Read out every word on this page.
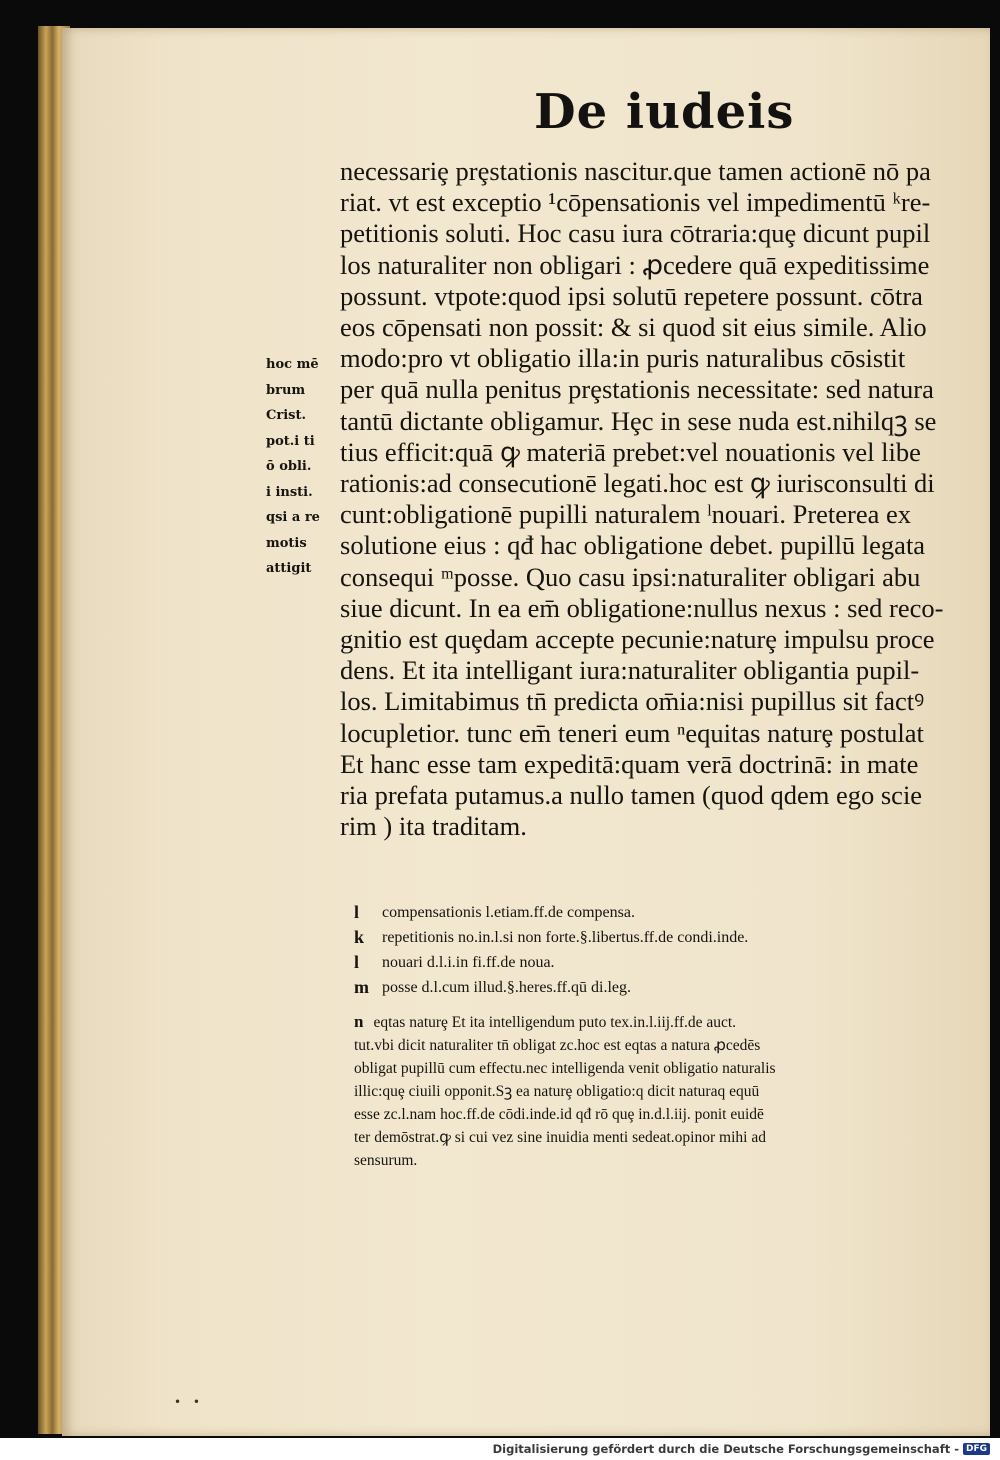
De iudeis
necessariȩ prȩstationis nascitur.que tamen actionē nō pa
riat. vt est exceptio ¹cōpensationis vel impedimentū ᵏre-
petitionis soluti. Hoc casu iura cōtraria:quȩ dicunt pupil
los naturaliter non obligari : ꝓcedere quā expeditissime
possunt. vtpote:quod ipsi solutū repetere possunt. cōtra
eos cōpensati non possit: & si quod sit eius simile. Alio
modo:pro vt obligatio illa:in puris naturalibus cōsistit
per quā nulla penitus prȩstationis necessitate: sed natura
tantū dictante obligamur. Hȩc in sese nuda est.nihilqꝫ se
tius efficit:quā ꝙ materiā prebet:vel nouationis vel libe
rationis:ad consecutionē legati.hoc est ꝙ iurisconsulti di
cunt:obligationē pupilli naturalem ˡnouari. Preterea ex
solutione eius : qđ hac obligatione debet. pupillū legata
consequi ᵐposse. Quo casu ipsi:naturaliter obligari abu
siue dicunt. In ea em̄ obligatione:nullus nexus : sed reco-
gnitio est quȩdam accepte pecunie:naturȩ impulsu proce
dens. Et ita intelligant iura:naturaliter obligantia pupil-
los. Limitabimus tn̄ predicta om̄ia:nisi pupillus sit factꝰ
locupletior. tunc em̄ teneri eum ⁿequitas naturȩ postulat
Et hanc esse tam expeditā:quam verā doctrinā: in mate
ria prefata putamus.a nullo tamen (quod qdem ego scie
rim ) ita traditam.
hoc mē
brum
Crist.
pot.i ti
ō obli.
i insti.
qsi a re
motis
attigit
l	compensationis l.etiam.ff.de compensa.
k	repetitionis no.in.l.si non forte.§.libertus.ff.de condi.inde.
l	nouari d.l.i.in fi.ff.de noua.
m posse d.l.cum illud.§.heres.ff.qū di.leg.
n eqtas naturȩ Et ita intelligendum puto tex.in.l.iij.ff.de auct.
tut.vbi dicit naturaliter tn̄ obligat zc.hoc est eqtas a natura ꝓcedēs
obligat pupillū cum effectu.nec intelligenda venit obligatio naturalis
illic:quȩ ciuili opponit.Sꝫ ea naturȩ obligatio:q dicit naturaq equū
esse zc.l.nam hoc.ff.de cōdi.inde.id qđ rō quȩ in.d.l.iij. ponit euidē
ter demōstrat.ꝙ si cui vez sine inuidia menti sedeat.opinor mihi ad
sensurum.
• •
Digitalisierung gefördert durch die Deutsche Forschungsgemeinschaft - DFG
